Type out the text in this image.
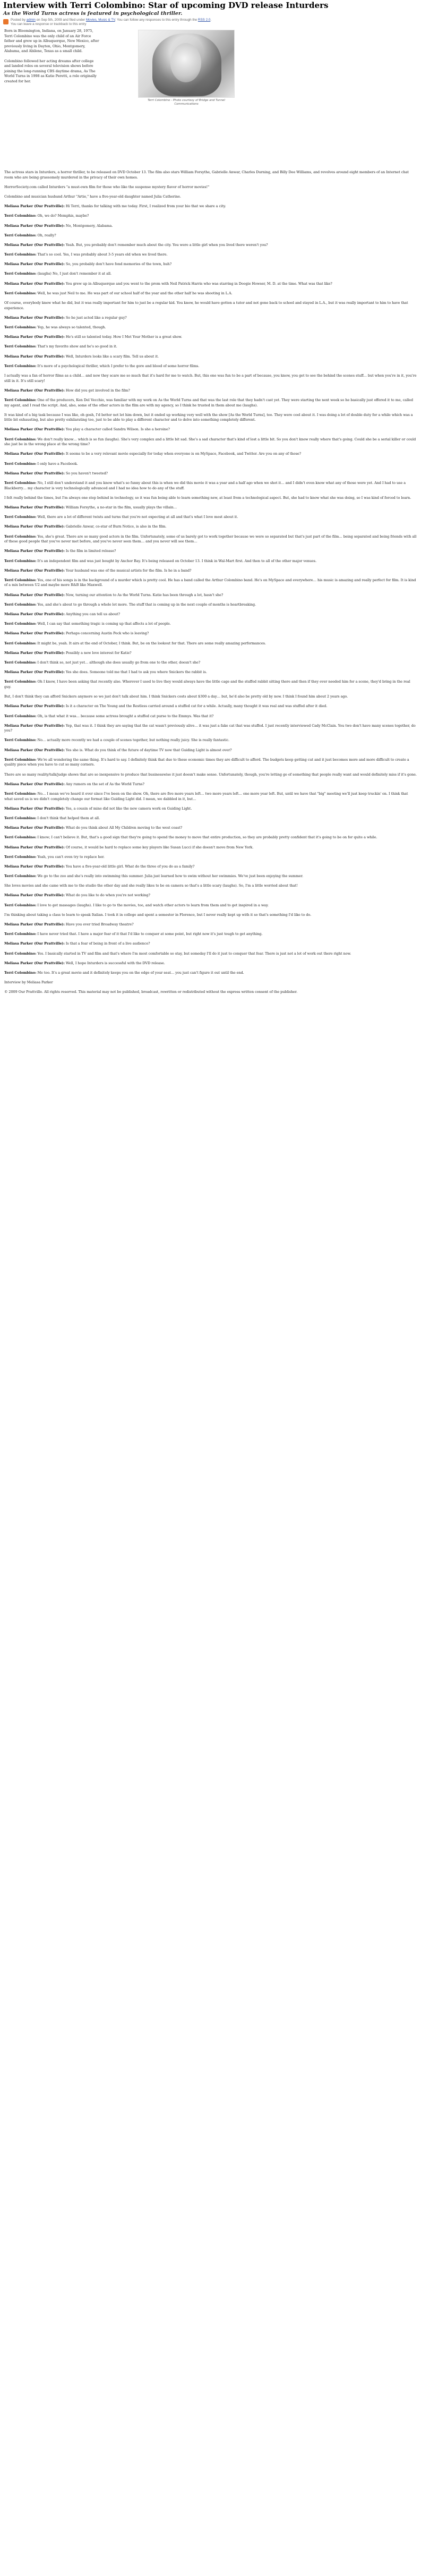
Interview with Terri Colombino: Star of upcoming DVD release Inturders
As the World Turns actress is featured in psychological thriller.
Posted by admin on Sep 5th, 2009 and filed under Movies, Music & TV. You can follow any responses to this entry through the RSS 2.0.
You can leave a response or trackback to this entry

Born in Bloomington, Indiana, on January 28, 1975, Terri Colombino was the only child of an Air Force father and grew up in Albuquerque, New Mexico, after previously living in Dayton, Ohio, Montgomery, Alabama, and Abilene, Texas as a small child.

Colombino followed her acting dreams after college and landed roles on several television shows before joining the long-running CBS daytime drama, As The World Turns in 1998 as Katie Peretti, a role originally created for her.

Terri Colombino - Photo courtesy of Bridge and Tunnel Communications

The actress stars in Inturders, a horror thriller, to be released on DVD October 13. The film also stars William Forsythe, Gabrielle Anwar, Charles Durning, and Billy Dee Williams, and revolves around eight members of an Internet chat room who are being gruesomely murdered in the privacy of their own homes.

HorrorSociety.com called Inturders "a must-own film for those who like the suspense mystery flavor of horror movies!"

Colombino and musician husband Arthur "Artie," have a five-year-old daughter named Julia Catherine.

Meliasa Parker (Our Prattville): Hi Terri, thanks for talking with me today. First, I realized from your bio that we share a city.

Terri Colombino: Oh, we do? Memphis, maybe?

Meliasa Parker (Our Prattville): No, Montgomery, Alabama.

Terri Colombino: Oh, really?

Meliasa Parker (Our Prattville): Yeah. But, you probably don't remember much about the city. You were a little girl when you lived there weren't you?

Terri Colombino: That's so cool. Yes, I was probably about 3-5 years old when we lived there.

Meliasa Parker (Our Prattville): So, you probably don't have fond memories of the town, huh?

Terri Colombino: (laughs) No, I just don't remember it at all.

Meliasa Parker (Our Prattville): You grew up in Albuquerque and you went to the prom with Neil Patrick Harris who was starring in Doogie Howser, M. D. at the time. What was that like?

Terri Colombino: Well, he was just Neil to me. He was part of our school half of the year and the other half he was shooting in L.A.

Of course, everybody knew what he did, but it was really important for him to just be a regular kid. You know, he would have gotten a tutor and not gone back to school and stayed in L.A., but it was really important to him to have that experience.

Meliasa Parker (Our Prattville): So he just acted like a regular guy?

Terri Colombino: Yep, he was always so talented, though.

Meliasa Parker (Our Prattville): He's still so talented today. How I Met Your Mother is a great show.

Terri Colombino: That's my favorite show and he's so good in it.

Meliasa Parker (Our Prattville): Well, Inturders looks like a scary film. Tell us about it.

Terri Colombino: It's more of a psychological thriller, which I prefer to the gore and blood of some horror films.

I actually was a fan of horror films as a child… and now they scare me so much that it's hard for me to watch. But, this one was fun to be a part of because, you know, you get to see the behind the scenes stuff… but when you're in it, you're still in it. It's still scary!

Meliasa Parker (Our Prattville): How did you get involved in the film?

Terri Colombino: One of the producers, Ken Del Vecchio, was familiar with my work on As the World Turns and that was the last role that they hadn't cast yet. They were starting the next week so he basically just offered it to me, called my agent, and I read the script. And, also, some of the other actors in the film are with my agency, so I think he trusted in them about me (laughs).

It was kind of a big task because I was like, oh gosh, I'd better not let him down, but it ended up working very well with the show [As the World Turns], too. They were cool about it. I was doing a lot of double duty for a while which was a little bit exhausting, but also pretty exhilarating too, just to be able to play a different character and to delve into something completely different.

Meliasa Parker (Our Prattville): You play a character called Sandra Wilson. Is she a heroine?

Terri Colombino: We don't really know… which is so fun (laughs). She's very complex and a little bit sad. She's a sad character that's kind of lost a little bit. So you don't know really where that's going. Could she be a serial killer or could she just be in the wrong place at the wrong time?

Meliasa Parker (Our Prattville): It seems to be a very relevant movie especially for today when everyone is on MySpace, Facebook, and Twitter. Are you on any of those?

Terri Colombino: I only have a Facebook.

Meliasa Parker (Our Prattville): So you haven't tweeted?

Terri Colombino: No, I still don't understand it and you know what's so funny about this is when we did this movie it was a year and a half ago when we shot it… and I didn't even know what any of those were yet. And I had to use a Blackberry… my character is very technologically advanced and I had no idea how to do any of the stuff.

I felt really behind the times, but I'm always one step behind in technology, so it was fun being able to learn something new, at least from a technological aspect. But, she had to know what she was doing, so I was kind of forced to learn.

Meliasa Parker (Our Prattville): William Forsythe, a no-star in the film, usually plays the villain…

Terri Colombino: Well, there are a lot of different twists and turns that you're not expecting at all and that's what I love most about it.

Meliasa Parker (Our Prattville): Gabrielle Anwar, co-star of Burn Notice, is also in the film.

Terri Colombino: Yes, she's great. There are so many good actors in the film. Unfortunately, some of us barely got to work together because we were so separated but that's just part of the film… being separated and being friends with all of these good people that you've never met before, and you've never seen them… and you never will see them…

Meliasa Parker (Our Prattville): Is the film in limited release?

Terri Colombino: It's an independent film and was just bought by Anchor Bay. It's being released on October 13. I think in Wal-Mart first. And then to all of the other major venues.

Meliasa Parker (Our Prattville): Your husband was one of the musical artists for the film. Is he in a band?

Terri Colombino: Yes, one of his songs is in the background of a murder which is pretty cool. He has a band called the Arthur Colombino band. He's on MySpace and everywhere… his music is amazing and really perfect for film. It is kind of a mix between U2 and maybe more R&B like Maxwell.

Meliasa Parker (Our Prattville): Now, turning our attention to As the World Turns. Katie has been through a lot, hasn't she?

Terri Colombino: Yes, and she's about to go through a whole lot more. The stuff that is coming up in the next couple of months is heartbreaking.

Meliasa Parker (Our Prattville): Anything you can tell us about?

Terri Colombino: Well, I can say that something tragic is coming up that affects a lot of people.

Meliasa Parker (Our Prattville): Perhaps concerning Austin Peck who is leaving?

Terri Colombino: It might be, yeah. It airs at the end of October, I think. But, be on the lookout for that. There are some really amazing performances.

Meliasa Parker (Our Prattville): Possibly a new love interest for Katie?

Terri Colombino: I don't think so, not just yet… although she does usually go from one to the other, doesn't she?

Meliasa Parker (Our Prattville): Yes she does. Someone told me that I had to ask you where Snickers the rabbit is.

Terri Colombino: Oh I know, I have been asking that recently also. Wherever I used to live they would always have the little cage and the stuffed rabbit sitting there and then if they ever needed him for a scene, they'd bring in the real guy.

But, I don't think they can afford Snickers anymore so we just don't talk about him. I think Snickers costs about $300 a day… but, he'd also be pretty old by now. I think I found him about 2 years ago.

Meliasa Parker (Our Prattville): Is it a character on The Young and the Restless carried around a stuffed cat for a while. Actually, many thought it was real and was stuffed after it died.

Terri Colombino: Oh, is that what it was… because some actress brought a stuffed cat purse to the Emmys. Was that it?

Meliasa Parker (Our Prattville): Yep, that was it. I think they are saying that the cat wasn't previously alive… it was just a fake cat that was stuffed. I just recently interviewed Cady McClain. You two don't have many scenes together, do you?

Terri Colombino: No… actually more recently we had a couple of scenes together, but nothing really juicy. She is really fantastic.

Meliasa Parker (Our Prattville): Yes she is. What do you think of the future of daytime TV now that Guiding Light is almost over?

Terri Colombino: We're all wondering the same thing. It's hard to say. I definitely think that due to these economic times they are difficult to afford. The budgets keep getting cut and it just becomes more and more difficult to create a quality piece when you have to cut so many corners.

There are so many reality/talk/judge shows that are so inexpensive to produce that businesswise it just doesn't make sense. Unfortunately, though, you're letting go of something that people really want and would definitely miss if it's gone.

Meliasa Parker (Our Prattville): Any rumors on the set of As the World Turns?

Terri Colombino: No… I mean we've heard it ever since I've been on the show. Oh, there are five more years left… two more years left… one more year left. But, until we have that "big" meeting we'll just keep truckin' on. I think that what saved us is we didn't completely change our format like Guiding Light did. I mean, we dabbled in it, but…

Meliasa Parker (Our Prattville): Yes, a cousin of mine did not like the new camera work on Guiding Light.

Terri Colombino: I don't think that helped them at all.

Meliasa Parker (Our Prattville): What do you think about All My Children moving to the west coast?

Terri Colombino: I know; I can't believe it. But, that's a good sign that they're going to spend the money to move that entire production, so they are probably pretty confident that it's going to be on for quite a while.

Meliasa Parker (Our Prattville): Of course, it would be hard to replace some key players like Susan Lucci if she doesn't move from New York.

Terri Colombino: Yeah, you can't even try to replace her.

Meliasa Parker (Our Prattville): You have a five-year-old little girl. What do the three of you do as a family?

Terri Colombino: We go to the zoo and she's really into swimming this summer. Julia just learned how to swim without her swimmies. We've just been enjoying the summer.

She loves movies and she came with me to the studio the other day and she really likes to be on camera so that's a little scary (laughs). So, I'm a little worried about that!

Meliasa Parker (Our Prattville): What do you like to do when you're not working?

Terri Colombino: I love to get massages (laughs). I like to go to the movies, too, and watch other actors to learn from them and to get inspired in a way.

I'm thinking about taking a class to learn to speak Italian. I took it in college and spent a semester in Florence, but I never really kept up with it so that's something I'd like to do.

Meliasa Parker (Our Prattville): Have you ever tried Broadway theatre?

Terri Colombino: I have never tried that. I have a major fear of it that I'd like to conquer at some point, but right now it's just tough to get anything.

Meliasa Parker (Our Prattville): Is that a fear of being in front of a live audience?

Terri Colombino: Yes. I basically started in TV and film and that's where I'm most comfortable so stay, but someday I'll do it just to conquer that fear. There is just not a lot of work out there right now.

Meliasa Parker (Our Prattville): Well, I hope Inturders is successful with the DVD release.

Terri Colombino: Me too. It's a great movie and it definitely keeps you on the edge of your seat… you just can't figure it out until the end.

Interview by Meliasa Parker

© 2009 Our Prattville. All rights reserved. This material may not be published, broadcast, rewritten or redistributed without the express written consent of the publisher.
